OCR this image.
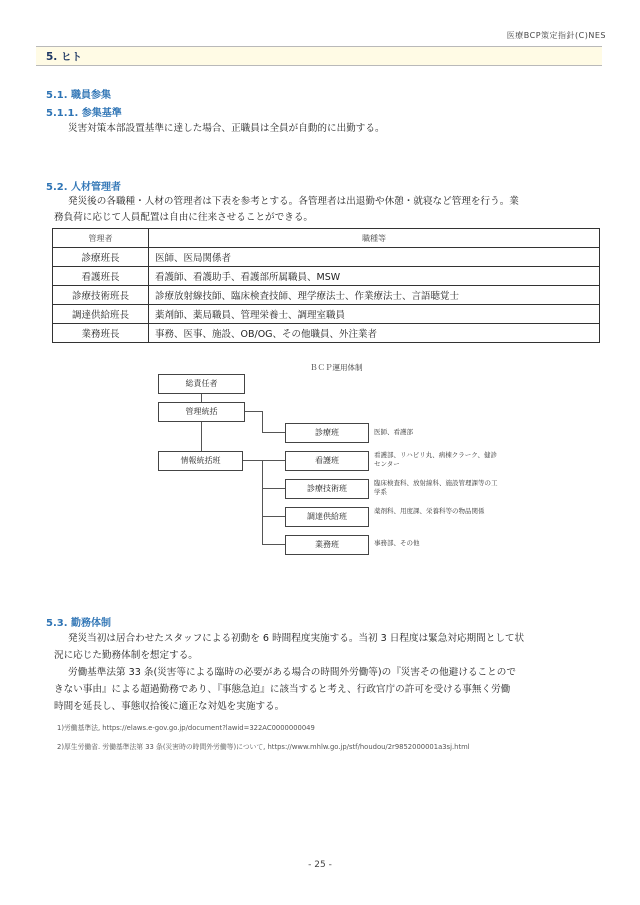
医療BCP策定指針(C)NES
5. ヒト
5.1. 職員参集
5.1.1. 参集基準
災害対策本部設置基準に達した場合、正職員は全員が自動的に出勤する。
5.2. 人材管理者
発災後の各職種・人材の管理者は下表を参考とする。各管理者は出退勤や休憩・就寝など管理を行う。業
務負荷に応じて人員配置は自由に往来させることができる。
管理者	職種等
診療班長	医師、医局関係者
看護班長	看護師、看護助手、看護部所属職員、MSW
診療技術班長	診療放射線技師、臨床検査技師、理学療法士、作業療法士、言語聴覚士
調達供給班長	薬剤師、薬局職員、管理栄養士、調理室職員
業務班長	事務、医事、施設、OB/OG、その他職員、外注業者
ＢＣＰ運用体制
総責任者
管理統括
情報統括班
診療班
看護班
診療技術班
調達供給班
業務班
医師、看護部
看護部、リハビリ丸、病棟クラーク、健診センター
臨床検査科、放射線科、施設管理課等の工学系
薬剤科、用度課、栄養科等の物品関係
事務部、その他
5.3. 勤務体制
発災当初は居合わせたスタッフによる初動を 6 時間程度実施する。当初 3 日程度は緊急対応期間として状
況に応じた勤務体制を想定する。
労働基準法第 33 条(災害等による臨時の必要がある場合の時間外労働等)の『災害その他避けることので
きない事由』による超過勤務であり、『事態急迫』に該当すると考え、行政官庁の許可を受ける事無く労働
時間を延長し、事態収拾後に適正な対処を実施する。
1)労働基準法, https://elaws.e-gov.go.jp/document?lawid=322AC0000000049
2)厚生労働省. 労働基準法第 33 条(災害時の時間外労働等)について, https://www.mhlw.go.jp/stf/houdou/2r9852000001a3sj.html
- 25 -
